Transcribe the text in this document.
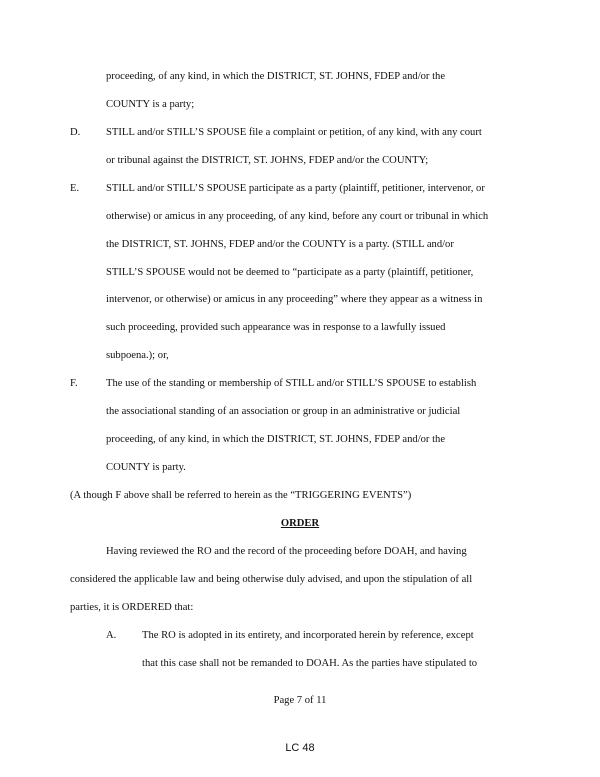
proceeding, of any kind, in which the DISTRICT, ST. JOHNS, FDEP and/or the
COUNTY is a party;
D. STILL and/or STILL’S SPOUSE file a complaint or petition, of any kind, with any court
or tribunal against the DISTRICT, ST. JOHNS, FDEP and/or the COUNTY;
E.	STILL and/or STILL’S SPOUSE participate as a party (plaintiff, petitioner, intervenor, or
otherwise) or amicus in any proceeding, of any kind, before any court or tribunal in which
the DISTRICT, ST. JOHNS, FDEP and/or the COUNTY is a party. (STILL and/or
STILL’S SPOUSE would not be deemed to “participate as a party (plaintiff, petitioner,
intervenor, or otherwise) or amicus in any proceeding” where they appear as a witness in
such proceeding, provided such appearance was in response to a lawfully issued
subpoena.); or,
F.	The use of the standing or membership of STILL and/or STILL’S SPOUSE to establish
the associational standing of an association or group in an administrative or judicial
proceeding, of any kind, in which the DISTRICT, ST. JOHNS, FDEP and/or the
COUNTY is party.
(A though F above shall be referred to herein as the “TRIGGERING EVENTS”)
ORDER
Having reviewed the RO and the record of the proceeding before DOAH, and having
considered the applicable law and being otherwise duly advised, and upon the stipulation of all
parties, it is ORDERED that:
A. The RO is adopted in its entirety, and incorporated herein by reference, except
that this case shall not be remanded to DOAH. As the parties have stipulated to
Page 7 of 11
LC 48
